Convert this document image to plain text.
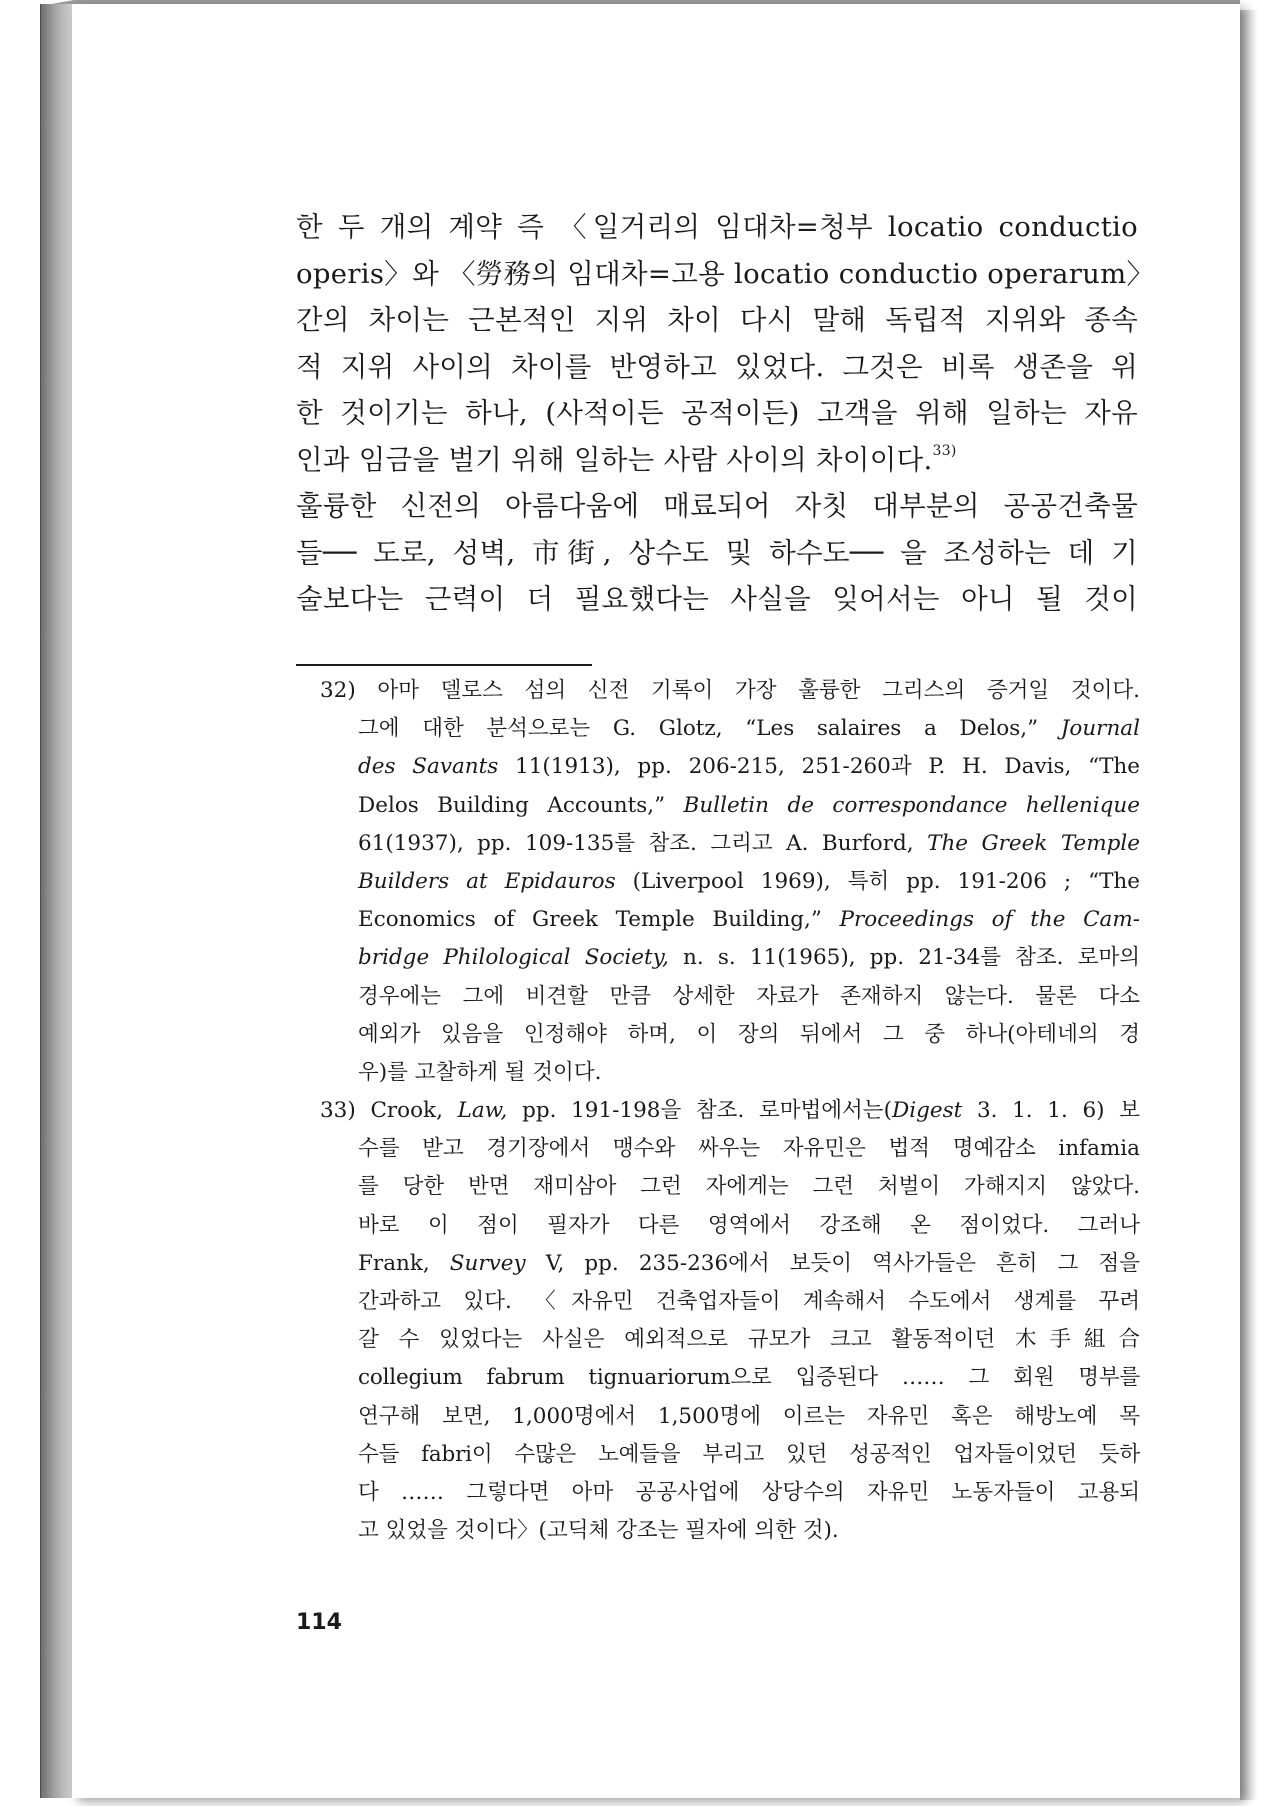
한 두 개의 계약 즉 〈일거리의 임대차=청부 locatio conductio
operis〉와 〈勞務의 임대차=고용 locatio conductio operarum〉
간의 차이는 근본적인 지위 차이 다시 말해 독립적 지위와 종속
적 지위 사이의 차이를 반영하고 있었다. 그것은 비록 생존을 위
한 것이기는 하나, (사적이든 공적이든) 고객을 위해 일하는 자유
인과 임금을 벌기 위해 일하는 사람 사이의 차이이다.$^{33)}$
훌륭한 신전의 아름다움에 매료되어 자칫 대부분의 공공건축물
들── 도로, 성벽, 市街, 상수도 및 하수도── 을 조성하는 데 기
술보다는 근력이 더 필요했다는 사실을 잊어서는 아니 될 것이
32) 아마 델로스 섬의 신전 기록이 가장 훌륭한 그리스의 증거일 것이다.
그에 대한 분석으로는 G. Glotz, “Les salaires a Delos,” Journal
des Savants 11(1913), pp. 206-215, 251-260과 P. H. Davis, “The
Delos Building Accounts,” Bulletin de correspondance hellenique
61(1937), pp. 109-135를 참조. 그리고 A. Burford, The Greek Temple
Builders at Epidauros (Liverpool 1969), 특히 pp. 191-206 ; “The
Economics of Greek Temple Building,” Proceedings of the Cam-
bridge Philological Society, n. s. 11(1965), pp. 21-34를 참조. 로마의
경우에는 그에 비견할 만큼 상세한 자료가 존재하지 않는다. 물론 다소
예외가 있음을 인정해야 하며, 이 장의 뒤에서 그 중 하나(아테네의 경
우)를 고찰하게 될 것이다.
33) Crook, Law, pp. 191-198을 참조. 로마법에서는(Digest 3. 1. 1. 6) 보
수를 받고 경기장에서 맹수와 싸우는 자유민은 법적 명예감소 infamia
를 당한 반면 재미삼아 그런 자에게는 그런 처벌이 가해지지 않았다.
바로 이 점이 필자가 다른 영역에서 강조해 온 점이었다. 그러나
Frank, Survey V, pp. 235-236에서 보듯이 역사가들은 흔히 그 점을
간과하고 있다. 〈자유민 건축업자들이 계속해서 수도에서 생계를 꾸려
갈 수 있었다는 사실은 예외적으로 규모가 크고 활동적이던 木手組合
collegium fabrum tignuariorum으로 입증된다 …… 그 회원 명부를
연구해 보면, 1,000명에서 1,500명에 이르는 자유민 혹은 해방노예 목
수들 fabri이 수많은 노예들을 부리고 있던 성공적인 업자들이었던 듯하
다 …… 그렇다면 아마 공공사업에 상당수의 자유민 노동자들이 고용되
고 있었을 것이다〉(고딕체 강조는 필자에 의한 것).
114
